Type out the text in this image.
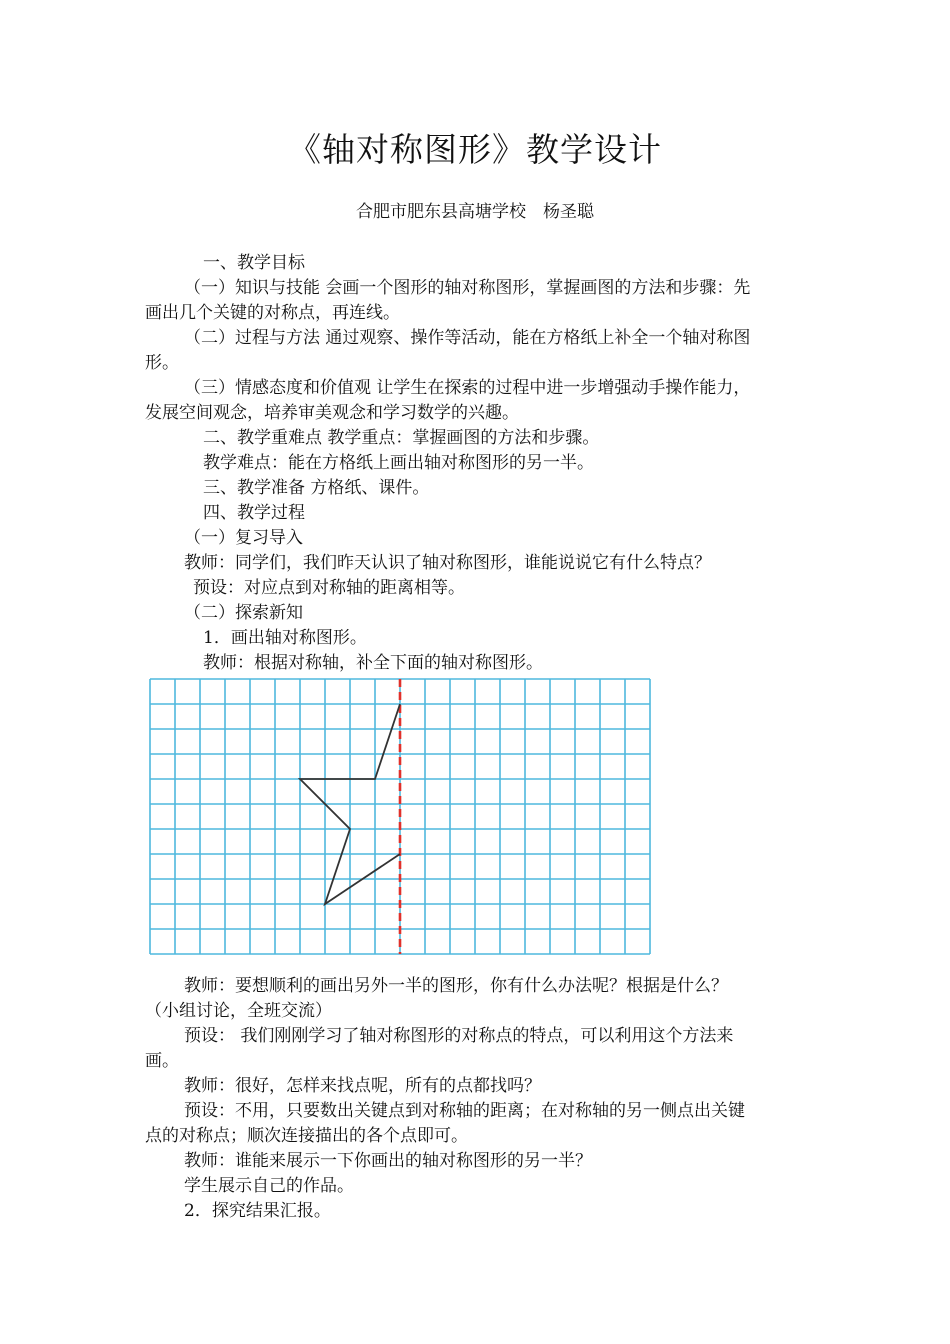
《轴对称图形》教学设计
合肥市肥东县高塘学校　杨圣聪
一、教学目标
（一）知识与技能 会画一个图形的轴对称图形，掌握画图的方法和步骤：先
画出几个关键的对称点，再连线。
（二）过程与方法 通过观察、操作等活动，能在方格纸上补全一个轴对称图
形。
（三）情感态度和价值观 让学生在探索的过程中进一步增强动手操作能力，
发展空间观念，培养审美观念和学习数学的兴趣。
二、教学重难点 教学重点：掌握画图的方法和步骤。
教学难点：能在方格纸上画出轴对称图形的另一半。
三、教学准备 方格纸、课件。
四、教学过程
（一）复习导入
教师：同学们，我们昨天认识了轴对称图形，谁能说说它有什么特点？
预设：对应点到对称轴的距离相等。
（二）探索新知
1．画出轴对称图形。
教师：根据对称轴，补全下面的轴对称图形。
教师：要想顺利的画出另外一半的图形，你有什么办法呢？根据是什么？
（小组讨论，全班交流）
预设： 我们刚刚学习了轴对称图形的对称点的特点，可以利用这个方法来
画。
教师：很好，怎样来找点呢，所有的点都找吗？
预设：不用，只要数出关键点到对称轴的距离；在对称轴的另一侧点出关键
点的对称点；顺次连接描出的各个点即可。
教师：谁能来展示一下你画出的轴对称图形的另一半？
学生展示自己的作品。
2．探究结果汇报。
